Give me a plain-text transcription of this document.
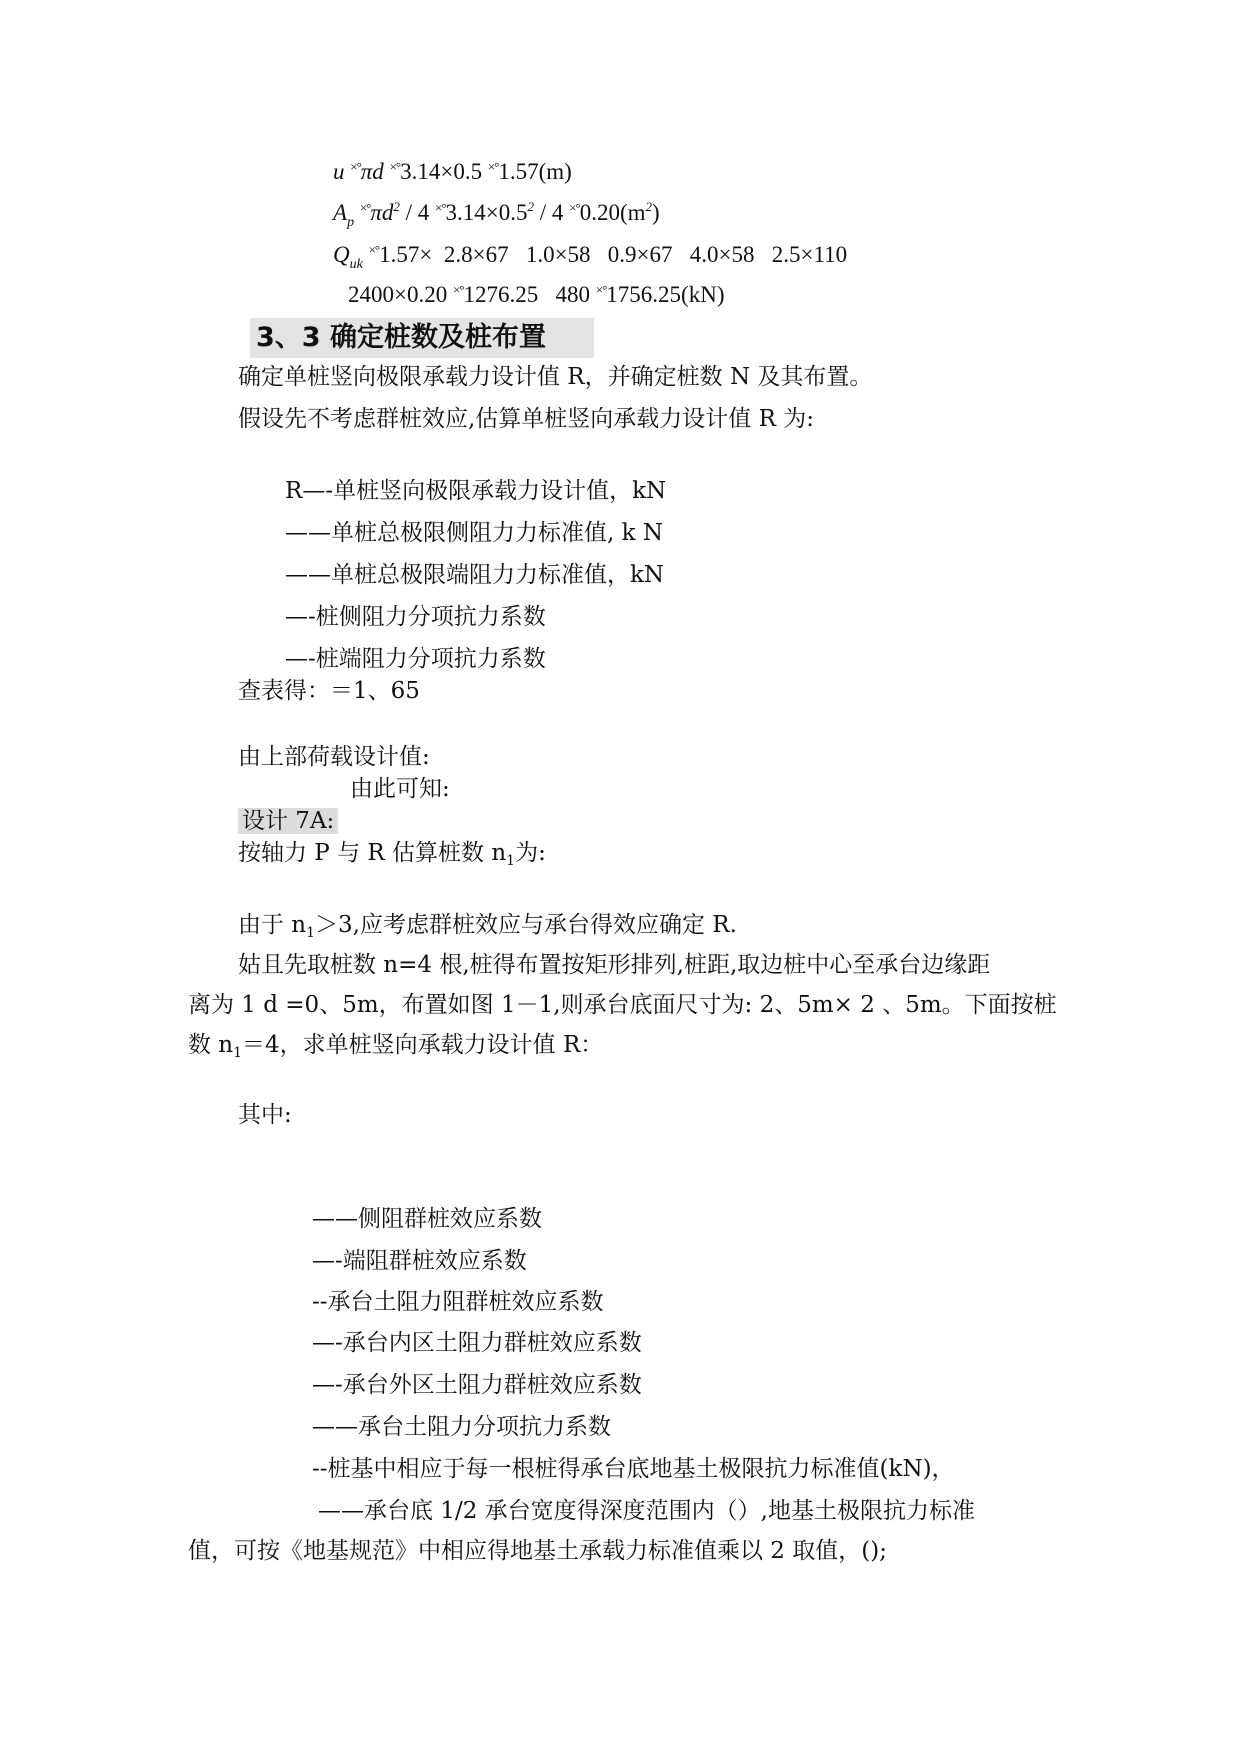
u ×°πd ×°3.14×0.5 ×°1.57(m)
$A_p$ $^{\times^\circ}\pi d^2 / 4$ $^{\times^\circ}3.14\times 0.5^2 / 4$ $^{\times^\circ}0.20(m^2)$
$Q_{uk}$ ×°1.57×  2.8×67   1.0×58   0.9×67   4.0×58   2.5×110
2400×0.20 ×°1276.25   480 ×°1756.25(kN)
3、3 确定桩数及桩布置
确定单桩竖向极限承载力设计值 R，并确定桩数 N 及其布置。
假设先不考虑群桩效应,估算单桩竖向承载力设计值 R 为:
R—-单桩竖向极限承载力设计值，kN
——单桩总极限侧阻力力标准值, k N
——单桩总极限端阻力力标准值，kN
—-桩侧阻力分项抗力系数
—-桩端阻力分项抗力系数
查表得：＝1、65
由上部荷载设计值:
由此可知:
设计 7A:
按轴力 P 与 R 估算桩数 $n_1$为:
由于 $n_1>3$,应考虑群桩效应与承台得效应确定 R.
姑且先取桩数 n=4 根,桩得布置按矩形排列,桩距,取边桩中心至承台边缘距
离为 1 d =0、5m，布置如图 1－1,则承台底面尺寸为: 2、5m× 2 、5m。下面按桩
数 $n_1=4$，求单桩竖向承载力设计值 R：
其中:
——侧阻群桩效应系数
—-端阻群桩效应系数
--承台土阻力阻群桩效应系数
—-承台内区土阻力群桩效应系数
—-承台外区土阻力群桩效应系数
——承台土阻力分项抗力系数
--桩基中相应于每一根桩得承台底地基土极限抗力标准值(kN)，
——承台底 1/2 承台宽度得深度范围内（）,地基土极限抗力标准
值，可按《地基规范》中相应得地基土承载力标准值乘以 2 取值，();
